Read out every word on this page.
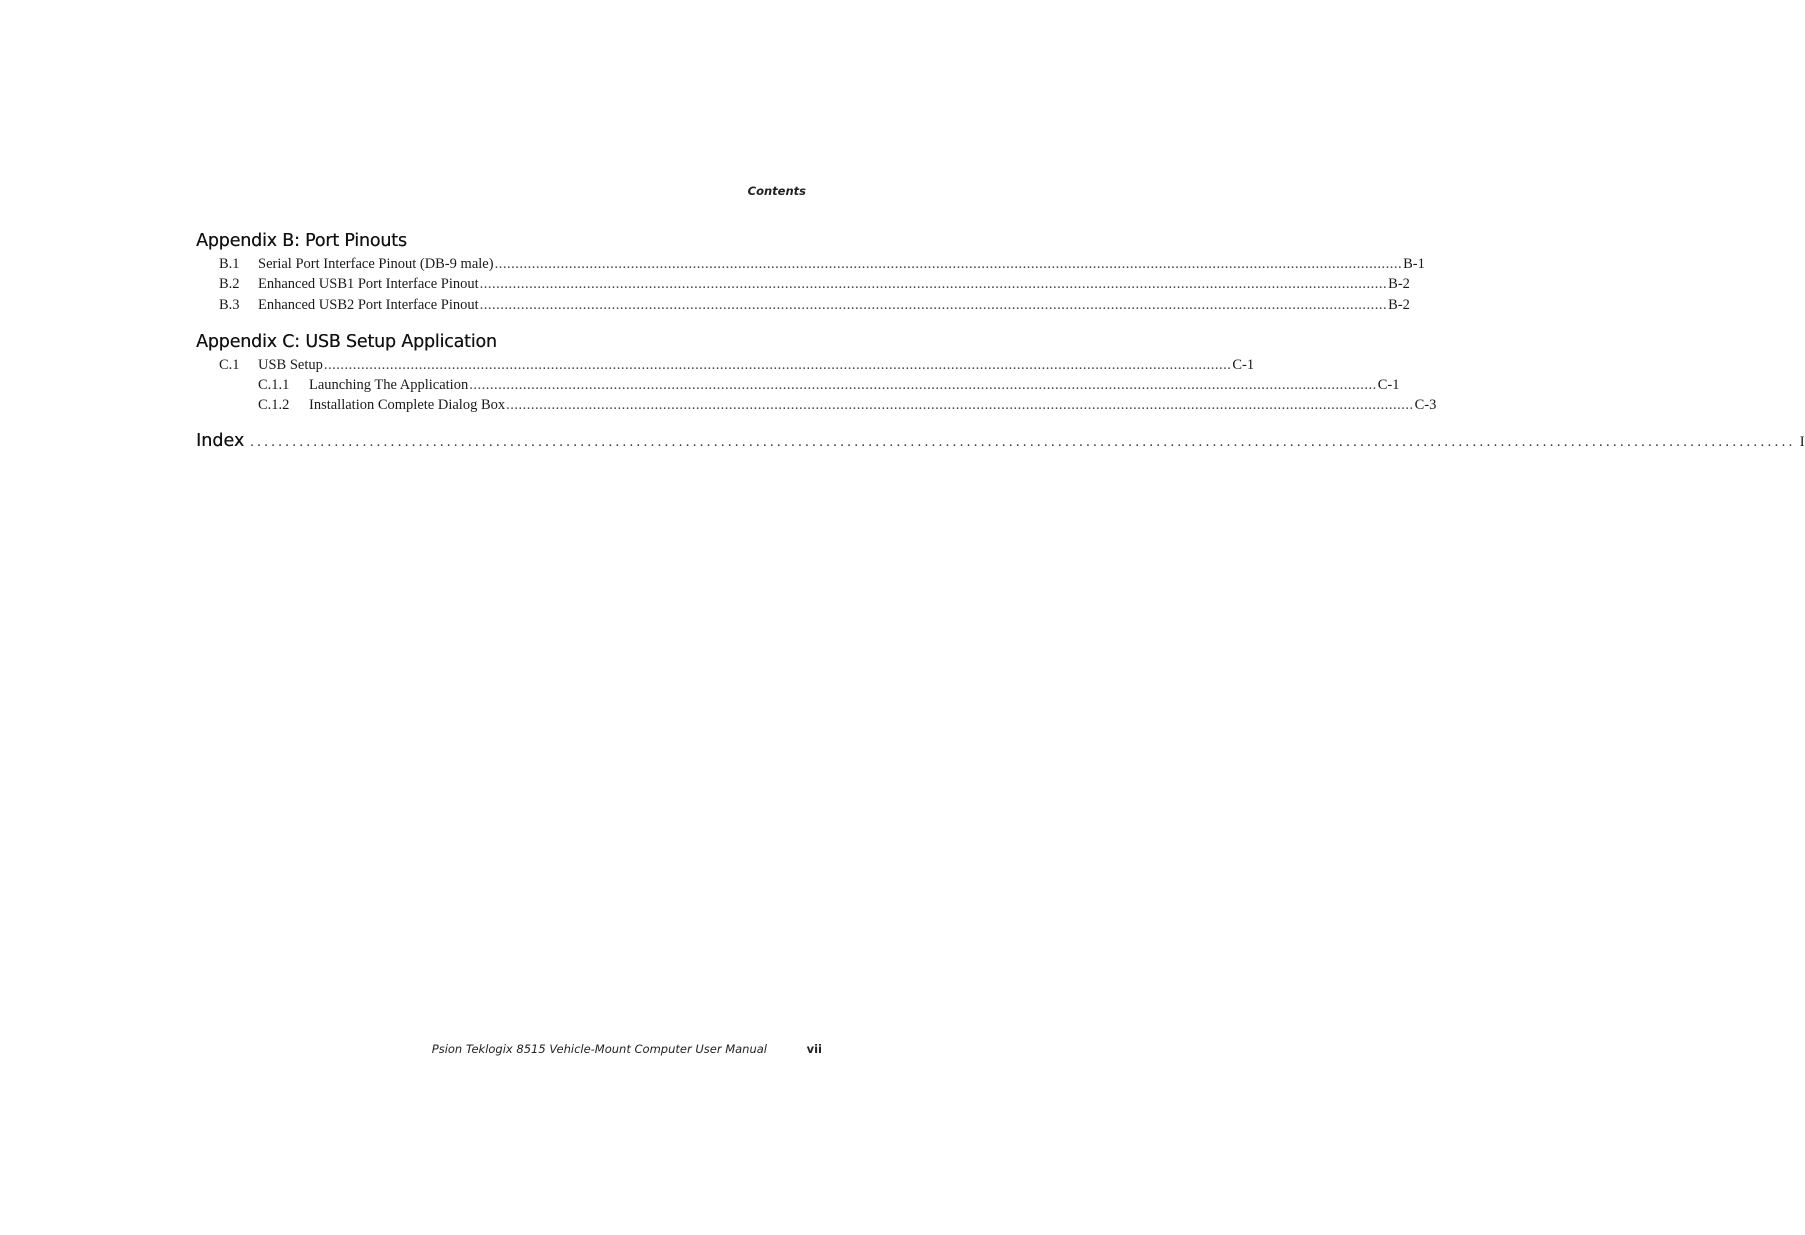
Contents
Appendix B: Port Pinouts
B.1 Serial Port Interface Pinout (DB-9 male) ............................................................................................................................................................................................................................ B-1
B.2 Enhanced USB1 Port Interface Pinout ............................................................................................................................................................................................................................ B-2
B.3 Enhanced USB2 Port Interface Pinout ............................................................................................................................................................................................................................ B-2
Appendix C: USB Setup Application
C.1 USB Setup ............................................................................................................................................................................................................................ C-1
C.1.1 Launching The Application ............................................................................................................................................................................................................................ C-1
C.1.2 Installation Complete Dialog Box ............................................................................................................................................................................................................................ C-3
Index ............................................................................................................................................................................................................................ I
Psion Teklogix 8515 Vehicle-Mount Computer User Manual	vii
